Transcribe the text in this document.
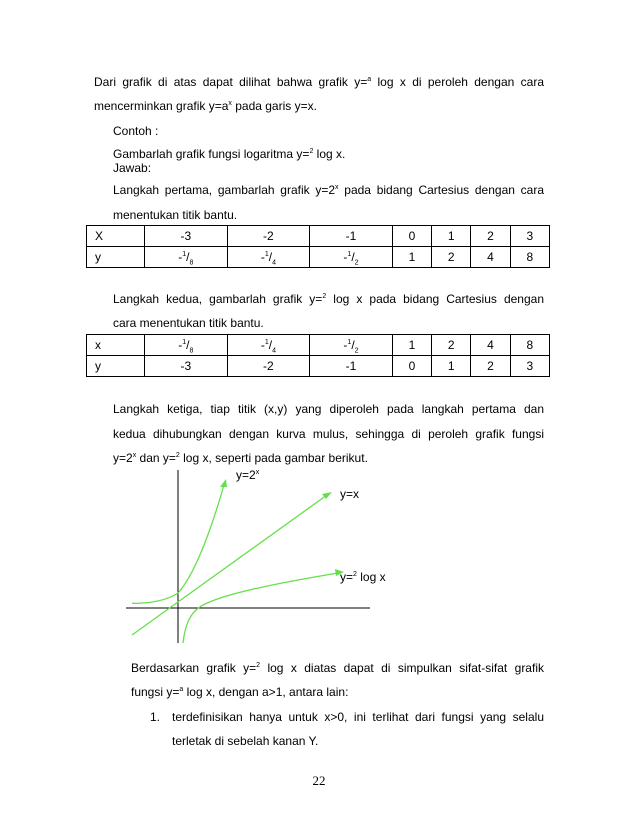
Dari grafik di atas dapat dilihat bahwa grafik y=$^a$ log x di peroleh dengan cara
mencerminkan grafik $y=a^x$ pada garis y=x.
Contoh :
Gambarlah grafik fungsi logaritma y=$^2$ log x.
Jawab:
Langkah pertama, gambarlah grafik $y=2^x$ pada bidang Cartesius dengan cara
menentukan titik bantu.
X	-3	-2	-1	0	1	2	3
y	$-^1/_8$	$-^1/_4$	$-^1/_2$	1	2	4	8
Langkah kedua, gambarlah grafik y=$^2$ log x pada bidang Cartesius dengan
cara menentukan titik bantu.
x	$-^1/_8$	$-^1/_4$	$-^1/_2$	1	2	4	8
y	-3	-2	-1	0	1	2	3
Langkah ketiga, tiap titik (x,y) yang diperoleh pada langkah pertama dan
kedua dihubungkan dengan kurva mulus, sehingga di peroleh grafik fungsi
$y=2^x$ dan y=$^2$ log x, seperti pada gambar berikut.
$y=2^x$
y=x
y=$^2$ log x
Berdasarkan grafik y=$^2$ log x diatas dapat di simpulkan sifat-sifat grafik
fungsi y=$^a$ log x, dengan a>1, antara lain:
1. terdefinisikan hanya untuk x>0, ini terlihat dari fungsi yang selalu
terletak di sebelah kanan Y.
22
